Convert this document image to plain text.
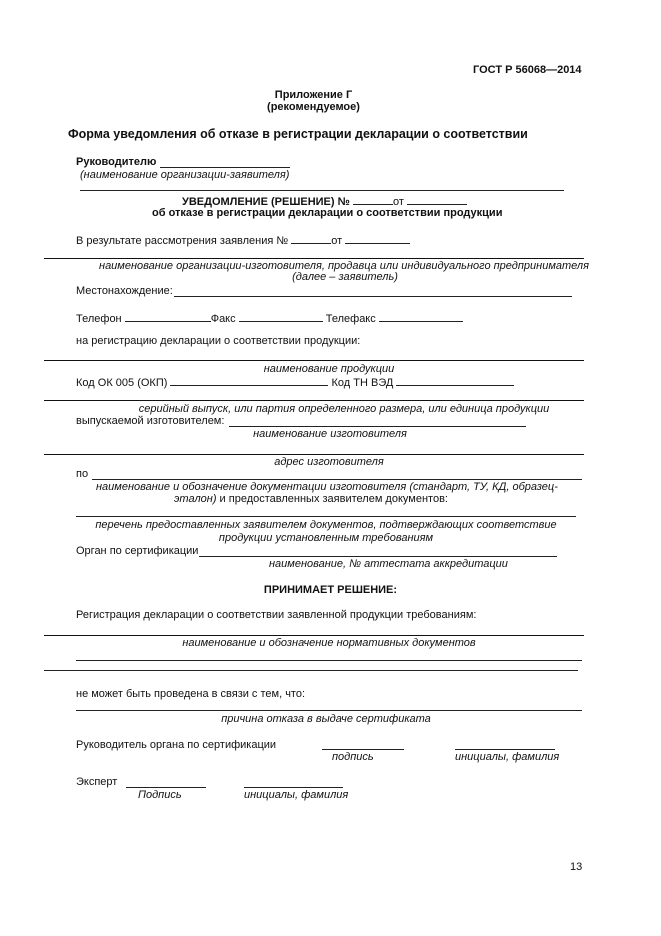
ГОСТ Р 56068—2014
Приложение Г
(рекомендуемое)
Форма уведомления об отказе в регистрации декларации о соответствии
Руководителю
(наименование организации-заявителя)
УВЕДОМЛЕНИЕ (РЕШЕНИЕ) №	от
об отказе в регистрации декларации о соответствии продукции
В результате рассмотрения заявления №	от
наименование организации-изготовителя, продавца или индивидуального предпринимателя
(далее – заявитель)
Местонахождение:
Телефон	Факс	Телефакс
на регистрацию декларации о соответствии продукции:
наименование продукции
Код ОК 005 (ОКП)	Код ТН ВЭД
серийный выпуск, или партия определенного размера, или единица продукции
выпускаемой изготовителем:
наименование изготовителя
адрес изготовителя
по
наименование и обозначение документации изготовителя (стандарт, ТУ, КД, образец-
эталон) и предоставленных заявителем документов:
перечень предоставленных заявителем документов, подтверждающих соответствие
продукции установленным требованиям
Орган по сертификации
наименование, № аттестата аккредитации
ПРИНИМАЕТ РЕШЕНИЕ:
Регистрация декларации о соответствии заявленной продукции требованиям:
наименование и обозначение нормативных документов
не может быть проведена в связи с тем, что:
причина отказа в выдаче сертификата
Руководитель органа по сертификации
подпись	инициалы, фамилия
Эксперт
Подпись	инициалы, фамилия
13
